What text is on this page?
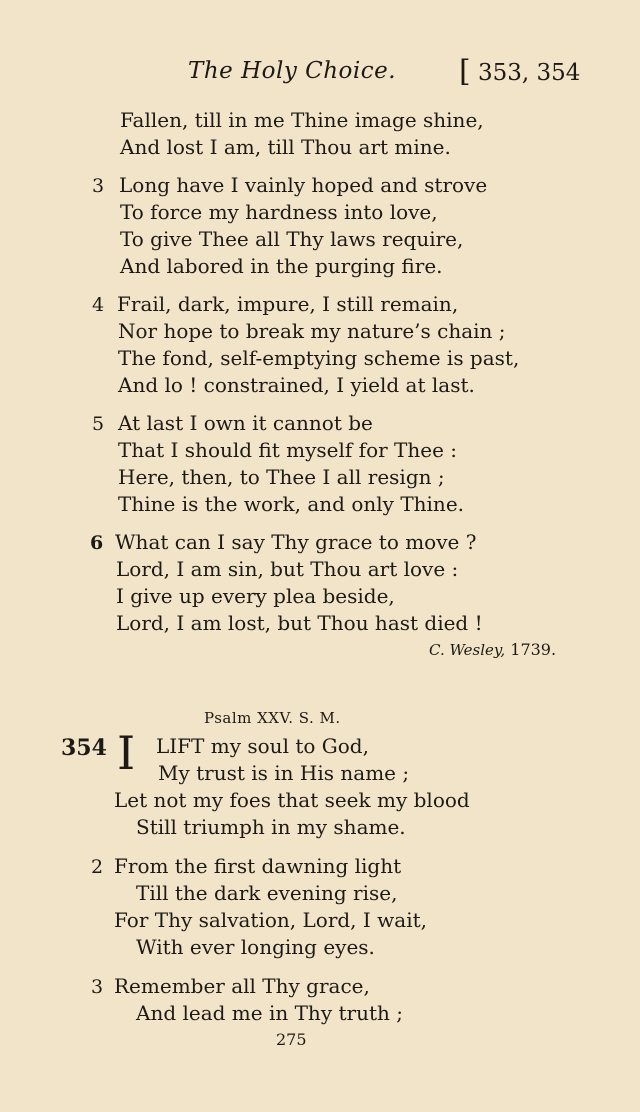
The Holy Choice. [ 353, 354
Fallen, till in me Thine image shine,
And lost I am, till Thou art mine.
3 Long have I vainly hoped and strove
To force my hardness into love,
To give Thee all Thy laws require,
And labored in the purging fire.
4 Frail, dark, impure, I still remain,
Nor hope to break my nature’s chain ;
The fond, self-emptying scheme is past,
And lo ! constrained, I yield at last.
5 At last I own it cannot be
That I should fit myself for Thee :
Here, then, to Thee I all resign ;
Thine is the work, and only Thine.
6 What can I say Thy grace to move ?
Lord, I am sin, but Thou art love :
I give up every plea beside,
Lord, I am lost, but Thou hast died !
C. Wesley, 1739.
Psalm XXV. S. M.
354 I LIFT my soul to God,
My trust is in His name ;
Let not my foes that seek my blood
Still triumph in my shame.
2 From the first dawning light
Till the dark evening rise,
For Thy salvation, Lord, I wait,
With ever longing eyes.
3 Remember all Thy grace,
And lead me in Thy truth ;
275
